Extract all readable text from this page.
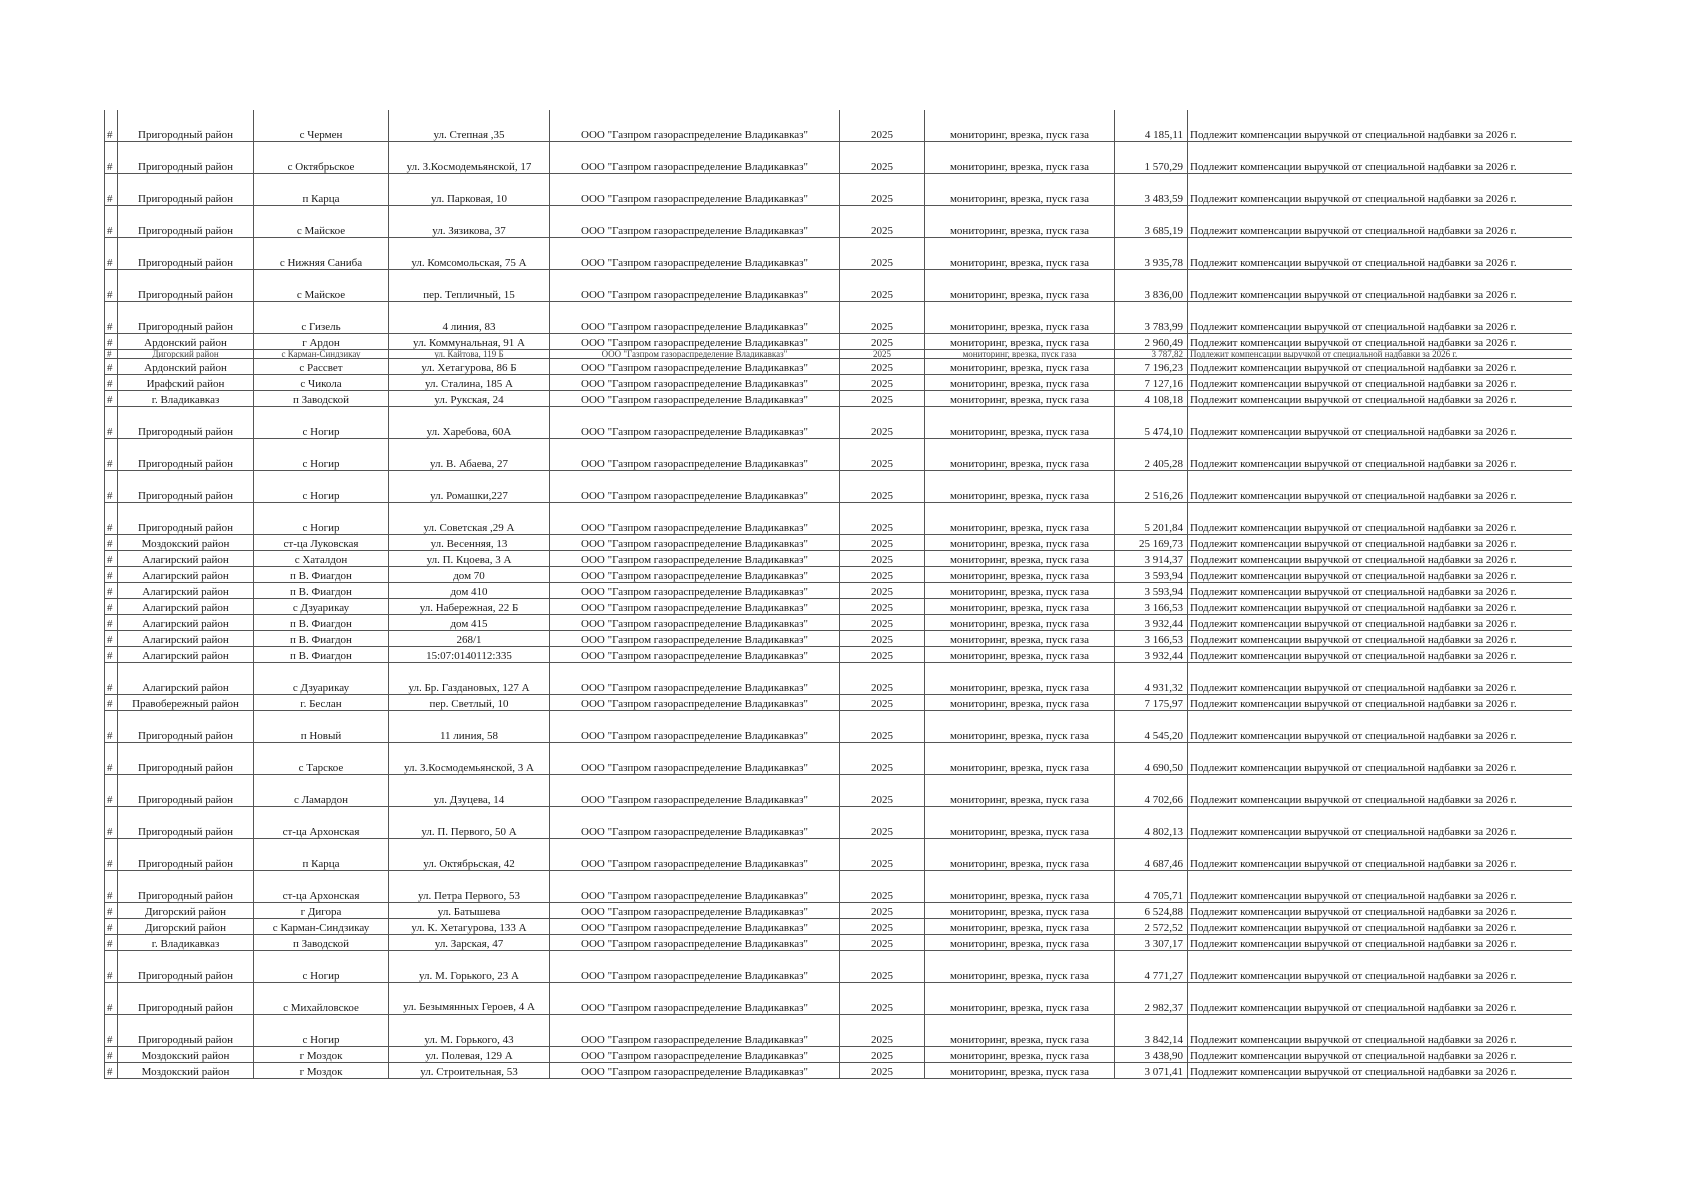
#	Пригородный район	с Чермен	ул. Степная ,35	ООО "Газпром газораспределение Владикавказ"	2025	мониторинг, врезка, пуск газа	4 185,11	Подлежит компенсации выручкой от специальной надбавки за 2026 г.
#	Пригородный район	с Октябрьское	ул. З.Космодемьянской, 17	ООО "Газпром газораспределение Владикавказ"	2025	мониторинг, врезка, пуск газа	1 570,29	Подлежит компенсации выручкой от специальной надбавки за 2026 г.
#	Пригородный район	п Карца	ул. Парковая, 10	ООО "Газпром газораспределение Владикавказ"	2025	мониторинг, врезка, пуск газа	3 483,59	Подлежит компенсации выручкой от специальной надбавки за 2026 г.
#	Пригородный район	с Майское	ул. Зязикова, 37	ООО "Газпром газораспределение Владикавказ"	2025	мониторинг, врезка, пуск газа	3 685,19	Подлежит компенсации выручкой от специальной надбавки за 2026 г.
#	Пригородный район	с Нижняя Саниба	ул. Комсомольская, 75 А	ООО "Газпром газораспределение Владикавказ"	2025	мониторинг, врезка, пуск газа	3 935,78	Подлежит компенсации выручкой от специальной надбавки за 2026 г.
#	Пригородный район	с Майское	пер. Тепличный, 15	ООО "Газпром газораспределение Владикавказ"	2025	мониторинг, врезка, пуск газа	3 836,00	Подлежит компенсации выручкой от специальной надбавки за 2026 г.
#	Пригородный район	с Гизель	4 линия, 83	ООО "Газпром газораспределение Владикавказ"	2025	мониторинг, врезка, пуск газа	3 783,99	Подлежит компенсации выручкой от специальной надбавки за 2026 г.
#	Ардонский район	г Ардон	ул. Коммунальная, 91 А	ООО "Газпром газораспределение Владикавказ"	2025	мониторинг, врезка, пуск газа	2 960,49	Подлежит компенсации выручкой от специальной надбавки за 2026 г.
#	Дигорский район	с Карман-Синдзикау	ул. Кайтова, 119 Б	ООО "Газпром газораспределение Владикавказ"	2025	мониторинг, врезка, пуск газа	3 787,82	Подлежит компенсации выручкой от специальной надбавки за 2026 г.
#	Ардонский район	с Рассвет	ул. Хетагурова, 86 Б	ООО "Газпром газораспределение Владикавказ"	2025	мониторинг, врезка, пуск газа	7 196,23	Подлежит компенсации выручкой от специальной надбавки за 2026 г.
#	Ирафский район	с Чикола	ул. Сталина, 185 А	ООО "Газпром газораспределение Владикавказ"	2025	мониторинг, врезка, пуск газа	7 127,16	Подлежит компенсации выручкой от специальной надбавки за 2026 г.
#	г. Владикавказ	п Заводской	ул. Рукская, 24	ООО "Газпром газораспределение Владикавказ"	2025	мониторинг, врезка, пуск газа	4 108,18	Подлежит компенсации выручкой от специальной надбавки за 2026 г.
#	Пригородный район	с Ногир	ул. Харебова, 60А	ООО "Газпром газораспределение Владикавказ"	2025	мониторинг, врезка, пуск газа	5 474,10	Подлежит компенсации выручкой от специальной надбавки за 2026 г.
#	Пригородный район	с Ногир	ул. В. Абаева, 27	ООО "Газпром газораспределение Владикавказ"	2025	мониторинг, врезка, пуск газа	2 405,28	Подлежит компенсации выручкой от специальной надбавки за 2026 г.
#	Пригородный район	с Ногир	ул. Ромашки,227	ООО "Газпром газораспределение Владикавказ"	2025	мониторинг, врезка, пуск газа	2 516,26	Подлежит компенсации выручкой от специальной надбавки за 2026 г.
#	Пригородный район	с Ногир	ул. Советская ,29 А	ООО "Газпром газораспределение Владикавказ"	2025	мониторинг, врезка, пуск газа	5 201,84	Подлежит компенсации выручкой от специальной надбавки за 2026 г.
#	Моздокский район	ст-ца Луковская	ул. Весенняя, 13	ООО "Газпром газораспределение Владикавказ"	2025	мониторинг, врезка, пуск газа	25 169,73	Подлежит компенсации выручкой от специальной надбавки за 2026 г.
#	Алагирский район	с Хаталдон	ул. П. Кцоева, 3 А	ООО "Газпром газораспределение Владикавказ"	2025	мониторинг, врезка, пуск газа	3 914,37	Подлежит компенсации выручкой от специальной надбавки за 2026 г.
#	Алагирский район	п В. Фиагдон	дом 70	ООО "Газпром газораспределение Владикавказ"	2025	мониторинг, врезка, пуск газа	3 593,94	Подлежит компенсации выручкой от специальной надбавки за 2026 г.
#	Алагирский район	п В. Фиагдон	дом 410	ООО "Газпром газораспределение Владикавказ"	2025	мониторинг, врезка, пуск газа	3 593,94	Подлежит компенсации выручкой от специальной надбавки за 2026 г.
#	Алагирский район	с Дзуарикау	ул. Набережная, 22 Б	ООО "Газпром газораспределение Владикавказ"	2025	мониторинг, врезка, пуск газа	3 166,53	Подлежит компенсации выручкой от специальной надбавки за 2026 г.
#	Алагирский район	п В. Фиагдон	дом 415	ООО "Газпром газораспределение Владикавказ"	2025	мониторинг, врезка, пуск газа	3 932,44	Подлежит компенсации выручкой от специальной надбавки за 2026 г.
#	Алагирский район	п В. Фиагдон	268/1	ООО "Газпром газораспределение Владикавказ"	2025	мониторинг, врезка, пуск газа	3 166,53	Подлежит компенсации выручкой от специальной надбавки за 2026 г.
#	Алагирский район	п В. Фиагдон	15:07:0140112:335	ООО "Газпром газораспределение Владикавказ"	2025	мониторинг, врезка, пуск газа	3 932,44	Подлежит компенсации выручкой от специальной надбавки за 2026 г.
#	Алагирский район	с Дзуарикау	ул. Бр. Газдановых, 127 А	ООО "Газпром газораспределение Владикавказ"	2025	мониторинг, врезка, пуск газа	4 931,32	Подлежит компенсации выручкой от специальной надбавки за 2026 г.
#	Правобережный район	г. Беслан	пер. Светлый, 10	ООО "Газпром газораспределение Владикавказ"	2025	мониторинг, врезка, пуск газа	7 175,97	Подлежит компенсации выручкой от специальной надбавки за 2026 г.
#	Пригородный район	п Новый	11 линия, 58	ООО "Газпром газораспределение Владикавказ"	2025	мониторинг, врезка, пуск газа	4 545,20	Подлежит компенсации выручкой от специальной надбавки за 2026 г.
#	Пригородный район	с Тарское	ул. З.Космодемьянской, 3 А	ООО "Газпром газораспределение Владикавказ"	2025	мониторинг, врезка, пуск газа	4 690,50	Подлежит компенсации выручкой от специальной надбавки за 2026 г.
#	Пригородный район	с Ламардон	ул. Дзуцева, 14	ООО "Газпром газораспределение Владикавказ"	2025	мониторинг, врезка, пуск газа	4 702,66	Подлежит компенсации выручкой от специальной надбавки за 2026 г.
#	Пригородный район	ст-ца Архонская	ул. П. Первого, 50 А	ООО "Газпром газораспределение Владикавказ"	2025	мониторинг, врезка, пуск газа	4 802,13	Подлежит компенсации выручкой от специальной надбавки за 2026 г.
#	Пригородный район	п Карца	ул. Октябрьская, 42	ООО "Газпром газораспределение Владикавказ"	2025	мониторинг, врезка, пуск газа	4 687,46	Подлежит компенсации выручкой от специальной надбавки за 2026 г.
#	Пригородный район	ст-ца Архонская	ул. Петра Первого, 53	ООО "Газпром газораспределение Владикавказ"	2025	мониторинг, врезка, пуск газа	4 705,71	Подлежит компенсации выручкой от специальной надбавки за 2026 г.
#	Дигорский район	г Дигора	ул. Батышева	ООО "Газпром газораспределение Владикавказ"	2025	мониторинг, врезка, пуск газа	6 524,88	Подлежит компенсации выручкой от специальной надбавки за 2026 г.
#	Дигорский район	с Карман-Синдзикау	ул. К. Хетагурова, 133 А	ООО "Газпром газораспределение Владикавказ"	2025	мониторинг, врезка, пуск газа	2 572,52	Подлежит компенсации выручкой от специальной надбавки за 2026 г.
#	г. Владикавказ	п Заводской	ул. Зарская, 47	ООО "Газпром газораспределение Владикавказ"	2025	мониторинг, врезка, пуск газа	3 307,17	Подлежит компенсации выручкой от специальной надбавки за 2026 г.
#	Пригородный район	с Ногир	ул. М. Горького, 23 А	ООО "Газпром газораспределение Владикавказ"	2025	мониторинг, врезка, пуск газа	4 771,27	Подлежит компенсации выручкой от специальной надбавки за 2026 г.
#	Пригородный район	с Михайловское	ул. Безымянных Героев, 4 А	ООО "Газпром газораспределение Владикавказ"	2025	мониторинг, врезка, пуск газа	2 982,37	Подлежит компенсации выручкой от специальной надбавки за 2026 г.
#	Пригородный район	с Ногир	ул. М. Горького, 43	ООО "Газпром газораспределение Владикавказ"	2025	мониторинг, врезка, пуск газа	3 842,14	Подлежит компенсации выручкой от специальной надбавки за 2026 г.
#	Моздокский район	г Моздок	ул. Полевая, 129 А	ООО "Газпром газораспределение Владикавказ"	2025	мониторинг, врезка, пуск газа	3 438,90	Подлежит компенсации выручкой от специальной надбавки за 2026 г.
#	Моздокский район	г Моздок	ул. Строительная, 53	ООО "Газпром газораспределение Владикавказ"	2025	мониторинг, врезка, пуск газа	3 071,41	Подлежит компенсации выручкой от специальной надбавки за 2026 г.
